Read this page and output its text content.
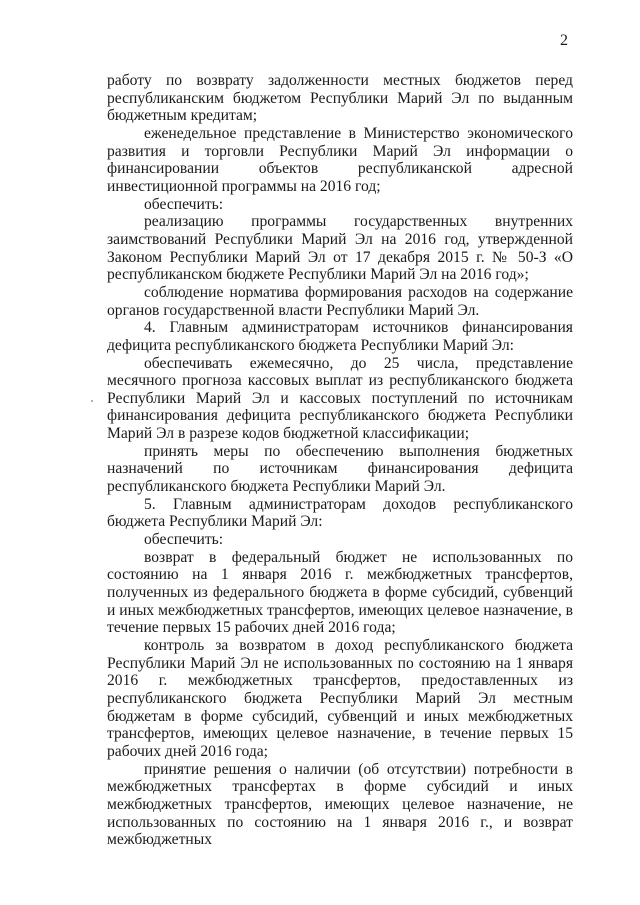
2

работу по возврату задолженности местных бюджетов перед республиканским бюджетом Республики Марий Эл по выданным бюджетным кредитам;

еженедельное представление в Министерство экономического развития и торговли Республики Марий Эл информации о финансировании объектов республиканской адресной инвестиционной программы на 2016 год;

обеспечить:

реализацию программы государственных внутренних заимствований Республики Марий Эл на 2016 год, утвержденной Законом Республики Марий Эл от 17 декабря 2015 г. № 50-З «О республиканском бюджете Республики Марий Эл на 2016 год»;

соблюдение норматива формирования расходов на содержание органов государственной власти Республики Марий Эл.

4. Главным администраторам источников финансирования дефицита республиканского бюджета Республики Марий Эл:

обеспечивать ежемесячно, до 25 числа, представление месячного прогноза кассовых выплат из республиканского бюджета Республики Марий Эл и кассовых поступлений по источникам финансирования дефицита республиканского бюджета Республики Марий Эл в разрезе кодов бюджетной классификации;

принять меры по обеспечению выполнения бюджетных назначений по источникам финансирования дефицита республиканского бюджета Республики Марий Эл.

5. Главным администраторам доходов республиканского бюджета Республики Марий Эл:

обеспечить:

возврат в федеральный бюджет не использованных по состоянию на 1 января 2016 г. межбюджетных трансфертов, полученных из федерального бюджета в форме субсидий, субвенций и иных межбюджетных трансфертов, имеющих целевое назначение, в течение первых 15 рабочих дней 2016 года;

контроль за возвратом в доход республиканского бюджета Республики Марий Эл не использованных по состоянию на 1 января 2016 г. межбюджетных трансфертов, предоставленных из республиканского бюджета Республики Марий Эл местным бюджетам в форме субсидий, субвенций и иных межбюджетных трансфертов, имеющих целевое назначение, в течение первых 15 рабочих дней 2016 года;

принятие решения о наличии (об отсутствии) потребности в межбюджетных трансфертах в форме субсидий и иных межбюджетных трансфертов, имеющих целевое назначение, не использованных по состоянию на 1 января 2016 г., и возврат межбюджетных
